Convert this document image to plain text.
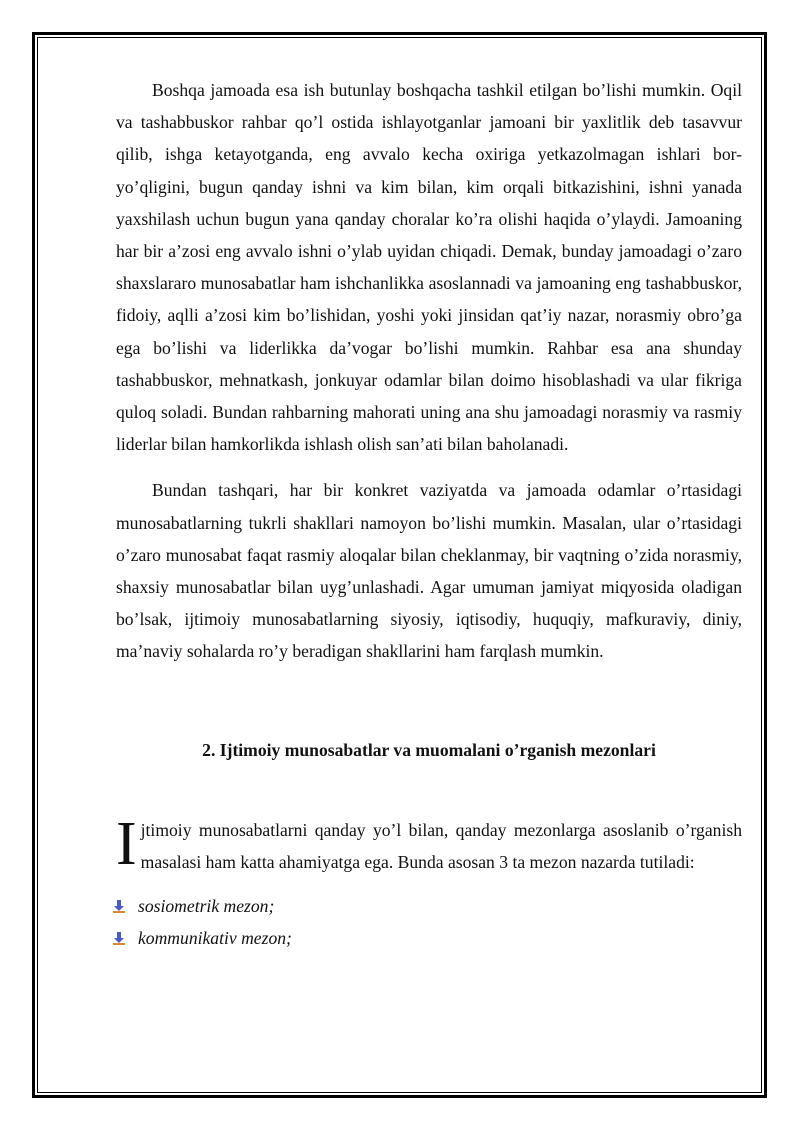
Boshqa jamoada esa ish butunlay boshqacha tashkil etilgan bo’lishi mumkin. Oqil va tashabbuskor rahbar qo’l ostida ishlayotganlar jamoani bir yaxlitlik deb tasavvur qilib, ishga ketayotganda, eng avvalo kecha oxiriga yetkazolmagan ishlari bor-yo’qligini, bugun qanday ishni va kim bilan, kim orqali bitkazishini, ishni yanada yaxshilash uchun bugun yana qanday choralar ko’ra olishi haqida o’ylaydi. Jamoaning har bir a’zosi eng avvalo ishni o’ylab uyidan chiqadi. Demak, bunday jamoadagi o’zaro shaxslararo munosabatlar ham ishchanlikka asoslannadi va jamoaning eng tashabbuskor, fidoiy, aqlli a’zosi kim bo’lishidan, yoshi yoki jinsidan qat’iy nazar, norasmiy obro’ga ega bo’lishi va liderlikka da’vogar bo’lishi mumkin. Rahbar esa ana shunday tashabbuskor, mehnatkash, jonkuyar odamlar bilan doimo hisoblashadi va ular fikriga quloq soladi. Bundan rahbarning mahorati uning ana shu jamoadagi norasmiy va rasmiy liderlar bilan hamkorlikda ishlash olish san’ati bilan baholanadi.

Bundan tashqari, har bir konkret vaziyatda va jamoada odamlar o’rtasidagi munosabatlarning tukrli shakllari namoyon bo’lishi mumkin. Masalan, ular o’rtasidagi o’zaro munosabat faqat rasmiy aloqalar bilan cheklanmay, bir vaqtning o’zida norasmiy, shaxsiy munosabatlar bilan uyg’unlashadi. Agar umuman jamiyat miqyosida oladigan bo’lsak, ijtimoiy munosabatlarning siyosiy, iqtisodiy, huquqiy, mafkuraviy, diniy, ma’naviy sohalarda ro’y beradigan shakllarini ham farqlash mumkin.

2. Ijtimoiy munosabatlar va muomalani o’rganish mezonlari

I jtimoiy munosabatlarni qanday yo’l bilan, qanday mezonlarga asoslanib o’rganish masalasi ham katta ahamiyatga ega. Bunda asosan 3 ta mezon nazarda tutiladi:

sosiometrik mezon;
kommunikativ mezon;
